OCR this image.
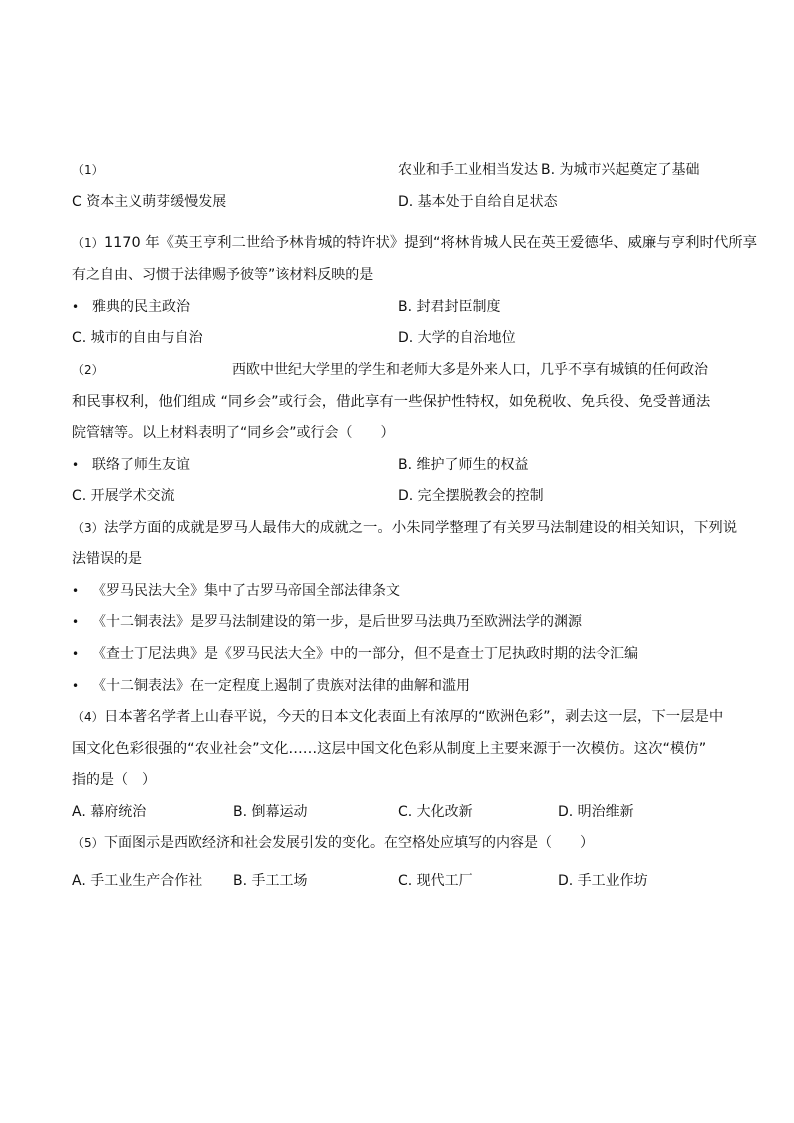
（1）	农业和手工业相当发达 B. 为城市兴起奠定了基础
C 资本主义萌芽缓慢发展	D. 基本处于自给自足状态
（1） 1170 年《英王亨利二世给予林肯城的特许状》提到“将林肯城人民在英王爱德华、威廉与亨利时代所享
有之自由、习惯于法律赐予彼等”该材料反映的是
• 雅典的民主政治	B. 封君封臣制度
C. 城市的自由与自治	D. 大学的自治地位
（2）	西欧中世纪大学里的学生和老师大多是外来人口，几乎不享有城镇的任何政治
和民事权利，他们组成 “同乡会”或行会，借此享有一些保护性特权，如免税收、免兵役、免受普通法
院管辖等。以上材料表明了“同乡会”或行会（　　）
• 联络了师生友谊	B. 维护了师生的权益
C. 开展学术交流	D. 完全摆脱教会的控制
（3） 法学方面的成就是罗马人最伟大的成就之一。小朱同学整理了有关罗马法制建设的相关知识，下列说
法错误的是
• 《罗马民法大全》集中了古罗马帝国全部法律条文
• 《十二铜表法》是罗马法制建设的第一步，是后世罗马法典乃至欧洲法学的渊源
• 《查士丁尼法典》是《罗马民法大全》中的一部分，但不是查士丁尼执政时期的法令汇编
• 《十二铜表法》在一定程度上遏制了贵族对法律的曲解和滥用
（4） 日本著名学者上山春平说，今天的日本文化表面上有浓厚的“欧洲色彩”，剥去这一层，下一层是中
国文化色彩很强的“农业社会”文化……这层中国文化色彩从制度上主要来源于一次模仿。这次“模仿”
指的是（　）
A. 幕府统治	B. 倒幕运动	C. 大化改新	D. 明治维新
（5） 下面图示是西欧经济和社会发展引发的变化。在空格处应填写的内容是（　　）
A. 手工业生产合作社 B. 手工工场	C. 现代工厂	D. 手工业作坊
